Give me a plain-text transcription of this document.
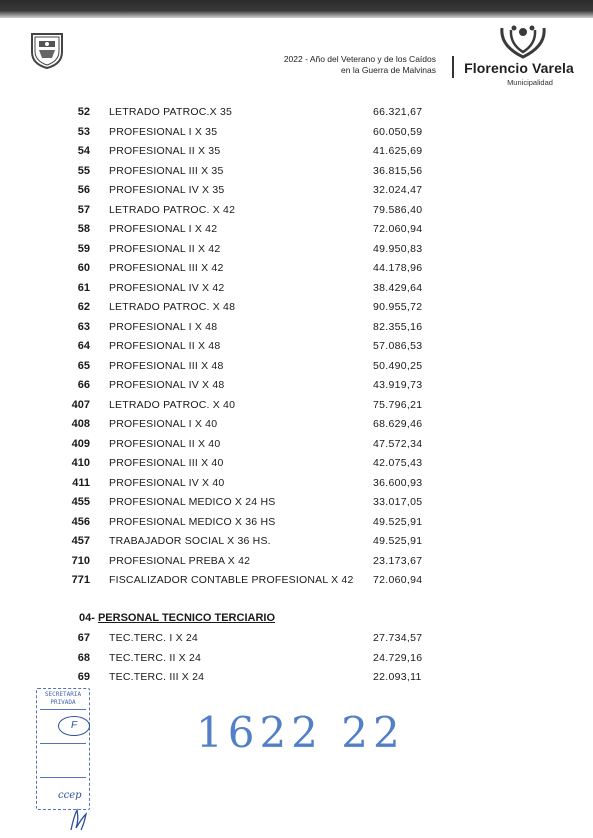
2022 - Año del Veterano y de los Caídos
en la Guerra de Malvinas Florencio Varela
Municipalidad
52 LETRADO PATROC.X 35	66.321,67
53 PROFESIONAL I X 35	60.050,59
54 PROFESIONAL II X 35	41.625,69
55 PROFESIONAL III X 35	36.815,56
56 PROFESIONAL IV X 35	32.024,47
57 LETRADO PATROC. X 42	79.586,40
58 PROFESIONAL I X 42	72.060,94
59 PROFESIONAL II X 42	49.950,83
60 PROFESIONAL III X 42	44.178,96
61 PROFESIONAL IV X 42	38.429,64
62 LETRADO PATROC. X 48	90.955,72
63 PROFESIONAL I X 48	82.355,16
64 PROFESIONAL II X 48	57.086,53
65 PROFESIONAL III X 48	50.490,25
66 PROFESIONAL IV X 48	43.919,73
407 LETRADO PATROC. X 40	75.796,21
408 PROFESIONAL I X 40	68.629,46
409 PROFESIONAL II X 40	47.572,34
410 PROFESIONAL III X 40	42.075,43
411 PROFESIONAL IV X 40	36.600,93
455 PROFESIONAL MEDICO X 24 HS	33.017,05
456 PROFESIONAL MEDICO X 36 HS	49.525,91
457 TRABAJADOR SOCIAL X 36 HS.	49.525,91
710 PROFESIONAL PREBA X 42	23.173,67
771 FISCALIZADOR CONTABLE PROFESIONAL X 42 72.060,94
04- PERSONAL TECNICO TERCIARIO
67 TEC.TERC. I X 24	27.734,57
68 TEC.TERC. II X 24	24.729,16
69 TEC.TERC. III X 24	22.093,11
SECRETARIA
PRIVADA
F
ccep
1622 22
